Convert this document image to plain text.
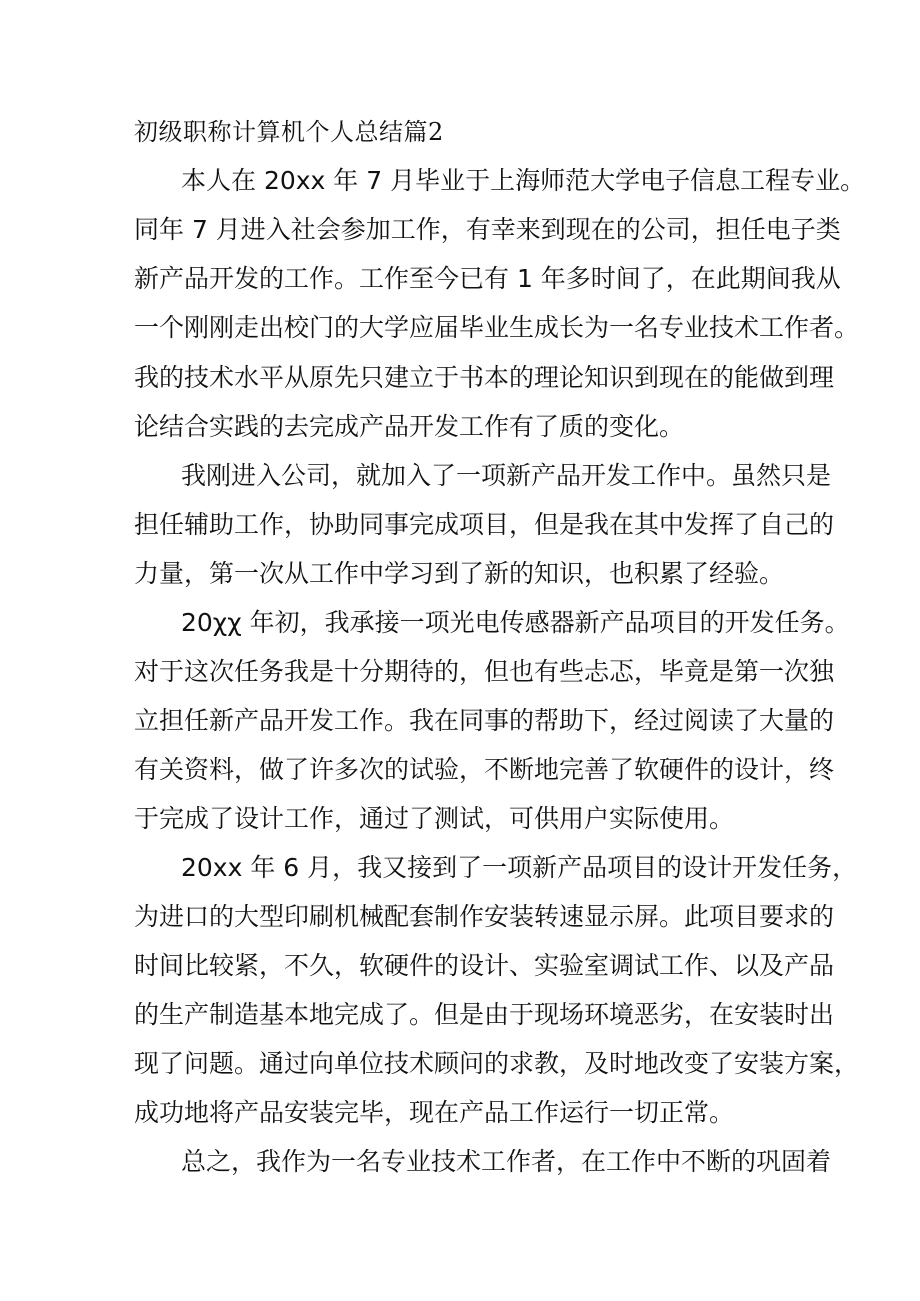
初级职称计算机个人总结篇2
本人在 20xx 年 7 月毕业于上海师范大学电子信息工程专业。
同年 7 月进入社会参加工作，有幸来到现在的公司，担任电子类
新产品开发的工作。工作至今已有 1 年多时间了，在此期间我从
一个刚刚走出校门的大学应届毕业生成长为一名专业技术工作者。
我的技术水平从原先只建立于书本的理论知识到现在的能做到理
论结合实践的去完成产品开发工作有了质的变化。
我刚进入公司，就加入了一项新产品开发工作中。虽然只是
担任辅助工作，协助同事完成项目，但是我在其中发挥了自己的
力量，第一次从工作中学习到了新的知识，也积累了经验。
20χχ 年初，我承接一项光电传感器新产品项目的开发任务。
对于这次任务我是十分期待的，但也有些忐忑，毕竟是第一次独
立担任新产品开发工作。我在同事的帮助下，经过阅读了大量的
有关资料，做了许多次的试验，不断地完善了软硬件的设计，终
于完成了设计工作，通过了测试，可供用户实际使用。
20xx 年 6 月，我又接到了一项新产品项目的设计开发任务，
为进口的大型印刷机械配套制作安装转速显示屏。此项目要求的
时间比较紧，不久，软硬件的设计、实验室调试工作、以及产品
的生产制造基本地完成了。但是由于现场环境恶劣，在安装时出
现了问题。通过向单位技术顾问的求教，及时地改变了安装方案，
成功地将产品安装完毕，现在产品工作运行一切正常。
总之，我作为一名专业技术工作者，在工作中不断的巩固着
